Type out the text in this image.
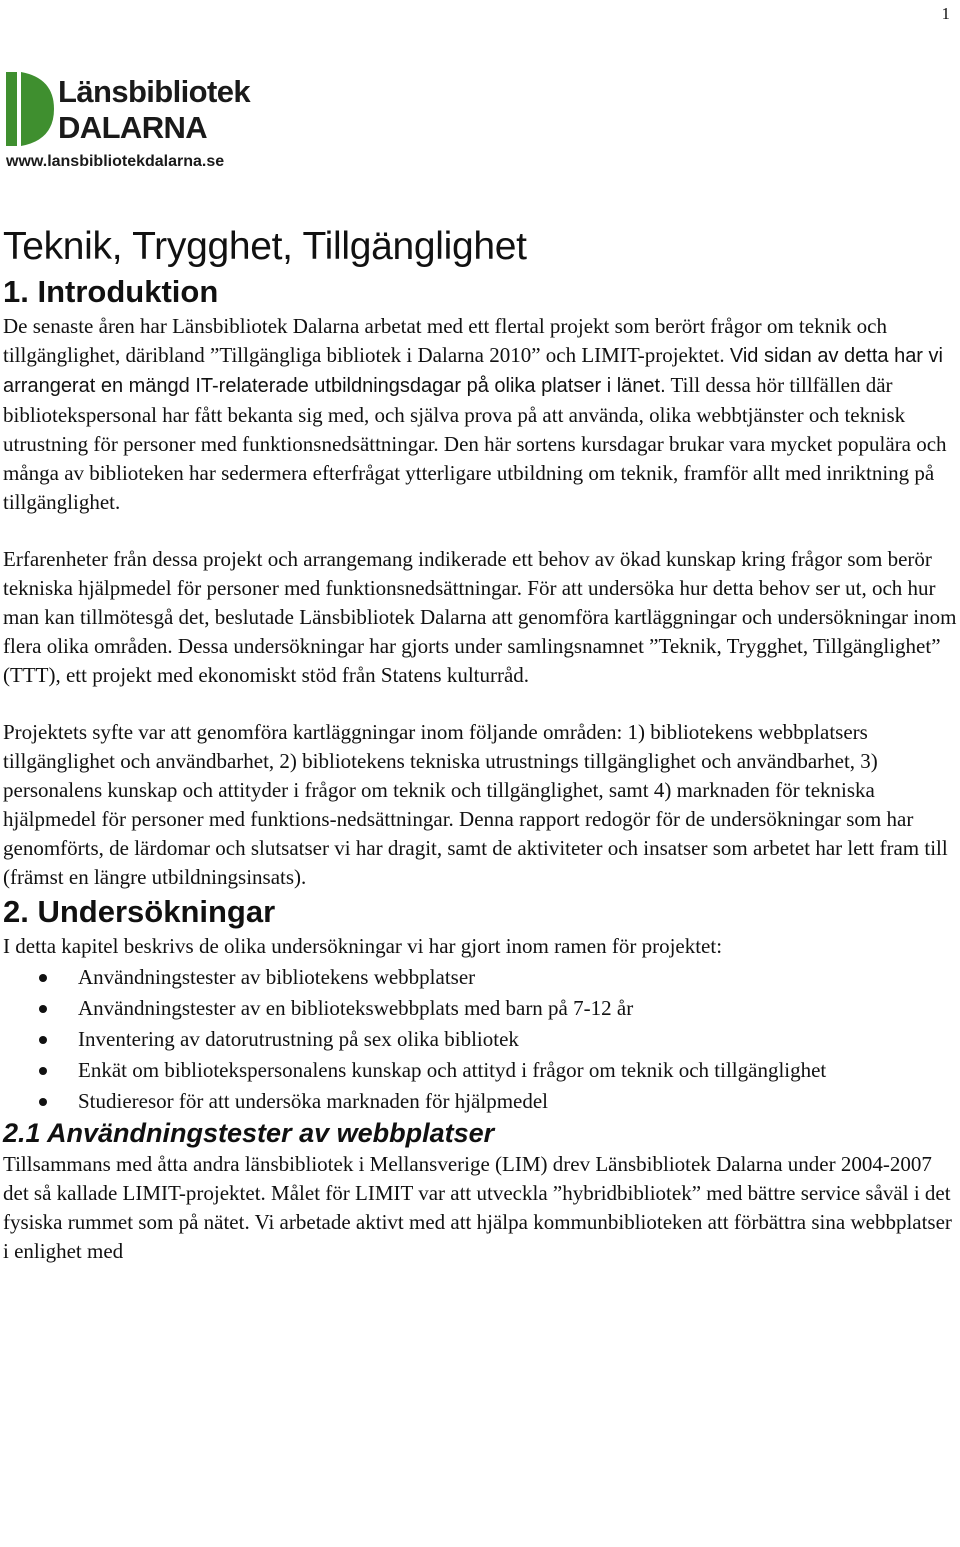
1
Länsbibliotek
DALARNA
www.lansbibliotekdalarna.se
Teknik, Trygghet, Tillgänglighet
1. Introduktion

De senaste åren har Länsbibliotek Dalarna arbetat med ett flertal projekt som berört frågor om teknik och tillgänglighet, däribland ”Tillgängliga bibliotek i Dalarna 2010” och LIMIT-projektet. Vid sidan av detta har vi arrangerat en mängd IT-relaterade utbildningsdagar på olika platser i länet. Till dessa hör tillfällen där bibliotekspersonal har fått bekanta sig med, och själva prova på att använda, olika webbtjänster och teknisk utrustning för personer med funktionsnedsättningar. Den här sortens kursdagar brukar vara mycket populära och många av biblioteken har sedermera efterfrågat ytterligare utbildning om teknik, framför allt med inriktning på tillgänglighet.

Erfarenheter från dessa projekt och arrangemang indikerade ett behov av ökad kunskap kring frågor som berör tekniska hjälpmedel för personer med funktionsnedsättningar. För att undersöka hur detta behov ser ut, och hur man kan tillmötesgå det, beslutade Länsbibliotek Dalarna att genomföra kartläggningar och undersökningar inom flera olika områden. Dessa undersökningar har gjorts under samlingsnamnet ”Teknik, Trygghet, Tillgänglighet” (TTT), ett projekt med ekonomiskt stöd från Statens kulturråd.

Projektets syfte var att genomföra kartläggningar inom följande områden: 1) bibliotekens webbplatsers tillgänglighet och användbarhet, 2) bibliotekens tekniska utrustnings tillgänglighet och användbarhet, 3) personalens kunskap och attityder i frågor om teknik och tillgänglighet, samt 4) marknaden för tekniska hjälpmedel för personer med funktions-nedsättningar. Denna rapport redogör för de undersökningar som har genomförts, de lärdomar och slutsatser vi har dragit, samt de aktiviteter och insatser som arbetet har lett fram till (främst en längre utbildningsinsats).

2. Undersökningar

I detta kapitel beskrivs de olika undersökningar vi har gjort inom ramen för projektet:

Användningstester av bibliotekens webbplatser
Användningstester av en bibliotekswebbplats med barn på 7-12 år
Inventering av datorutrustning på sex olika bibliotek
Enkät om bibliotekspersonalens kunskap och attityd i frågor om teknik och tillgänglighet
Studieresor för att undersöka marknaden för hjälpmedel
2.1 Användningstester av webbplatser

Tillsammans med åtta andra länsbibliotek i Mellansverige (LIM) drev Länsbibliotek Dalarna under 2004-2007 det så kallade LIMIT-projektet. Målet för LIMIT var att utveckla ”hybridbibliotek” med bättre service såväl i det fysiska rummet som på nätet. Vi arbetade aktivt med att hjälpa kommunbiblioteken att förbättra sina webbplatser i enlighet med
